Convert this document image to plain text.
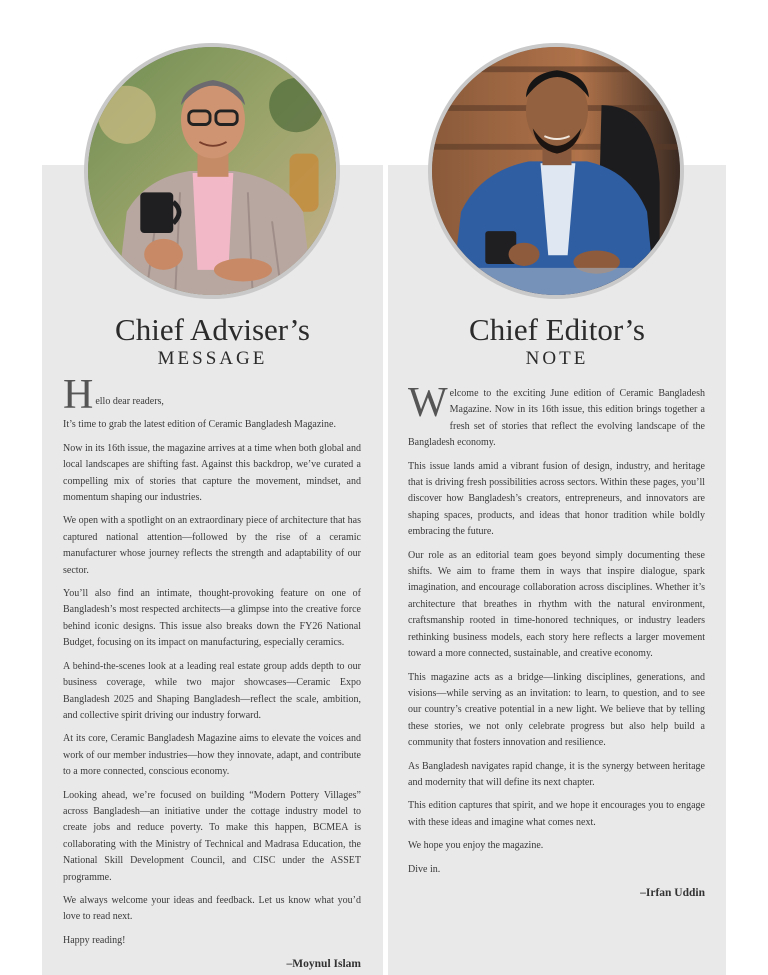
Chief Adviser’s
MESSAGE
Chief Editor’s
NOTE

H ello dear readers,

It’s time to grab the latest edition of Ceramic Bangladesh Magazine.

Now in its 16th issue, the magazine arrives at a time when both global and local landscapes are shifting fast. Against this backdrop, we’ve curated a compelling mix of stories that capture the movement, mindset, and momentum shaping our industries.

We open with a spotlight on an extraordinary piece of architecture that has captured national attention—followed by the rise of a ceramic manufacturer whose journey reflects the strength and adaptability of our sector.

You’ll also find an intimate, thought-provoking feature on one of Bangladesh’s most respected architects—a glimpse into the creative force behind iconic designs. This issue also breaks down the FY26 National Budget, focusing on its impact on manufacturing, especially ceramics.

A behind-the-scenes look at a leading real estate group adds depth to our business coverage, while two major showcases—Ceramic Expo Bangladesh 2025 and Shaping Bangladesh—reflect the scale, ambition, and collective spirit driving our industry forward.

At its core, Ceramic Bangladesh Magazine aims to elevate the voices and work of our member industries—how they innovate, adapt, and contribute to a more connected, conscious economy.

Looking ahead, we’re focused on building “Modern Pottery Villages” across Bangladesh—an initiative under the cottage industry model to create jobs and reduce poverty. To make this happen, BCMEA is collaborating with the Ministry of Technical and Madrasa Education, the National Skill Development Council, and CISC under the ASSET programme.

We always welcome your ideas and feedback. Let us know what you’d love to read next.

Happy reading!

–Moynul Islam

Welcome to the exciting June edition of Ceramic Bangladesh Magazine. Now in its 16th issue, this edition brings together a fresh set of stories that reflect the evolving landscape of the Bangladesh economy.

This issue lands amid a vibrant fusion of design, industry, and heritage that is driving fresh possibilities across sectors. Within these pages, you’ll discover how Bangladesh’s creators, entrepreneurs, and innovators are shaping spaces, products, and ideas that honor tradition while boldly embracing the future.

Our role as an editorial team goes beyond simply documenting these shifts. We aim to frame them in ways that inspire dialogue, spark imagination, and encourage collaboration across disciplines. Whether it’s architecture that breathes in rhythm with the natural environment, craftsmanship rooted in time-honored techniques, or industry leaders rethinking business models, each story here reflects a larger movement toward a more connected, sustainable, and creative economy.

This magazine acts as a bridge—linking disciplines, generations, and visions—while serving as an invitation: to learn, to question, and to see our country’s creative potential in a new light. We believe that by telling these stories, we not only celebrate progress but also help build a community that fosters innovation and resilience.

As Bangladesh navigates rapid change, it is the synergy between heritage and modernity that will define its next chapter.

This edition captures that spirit, and we hope it encourages you to engage with these ideas and imagine what comes next.

We hope you enjoy the magazine.

Dive in.

–Irfan Uddin
